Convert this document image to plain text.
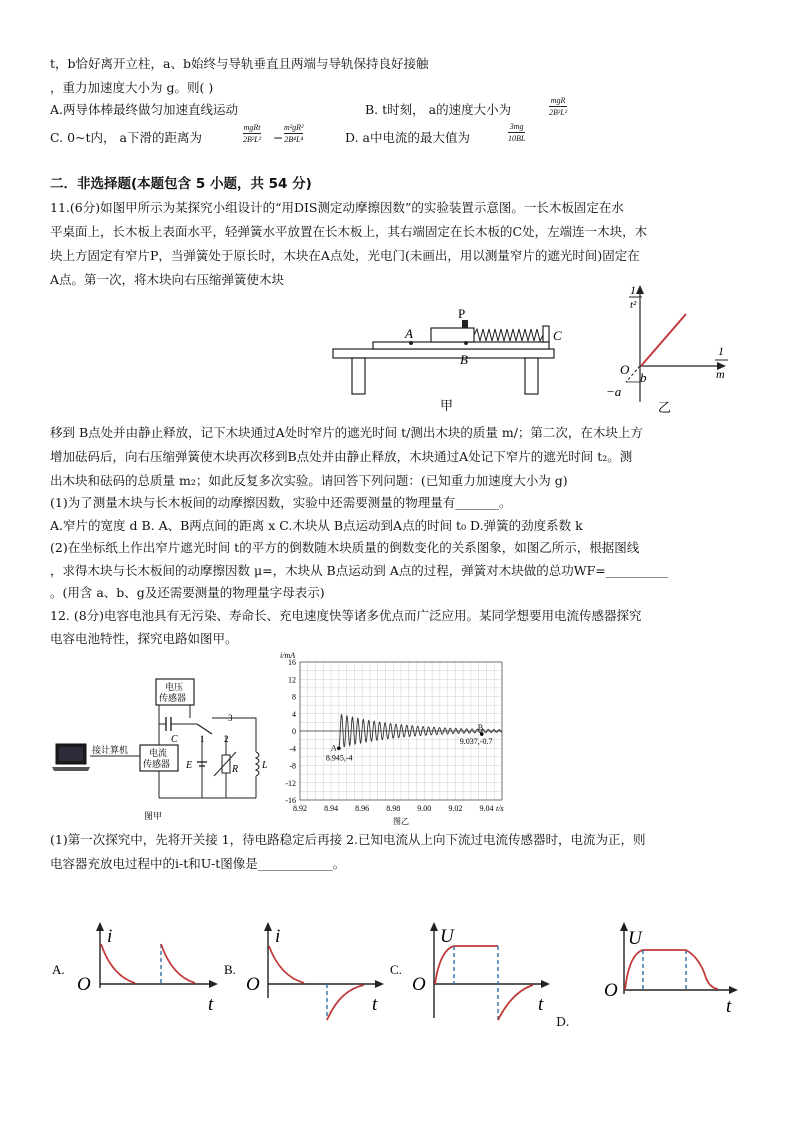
t，b恰好离开立柱，a、b始终与导轨垂直且两端与导轨保持良好接触
，重力加速度大小为 g。则( )
A.两导体棒最终做匀加速直线运动	B. t时刻， a的速度大小为
mgR
2B²L²
C. 0~t内， a下滑的距离为
mgRt
2B²L² −
m²gR²
2B⁴L⁴	D. a中电流的最大值为
3mg
10BL
二．非选择题(本题包含 5 小题，共 54 分)
11.(6分)如图甲所示为某探究小组设计的“用DIS测定动摩擦因数”的实验装置示意图。一长木板固定在水
平桌面上，长木板上表面水平，轻弹簧水平放置在长木板上，其右端固定在长木板的C处，左端连一木块，木
块上方固定有窄片P，当弹簧处于原长时，木块在A点处，光电门(未画出，用以测量窄片的遮光时间)固定在
A点。第一次，将木块向右压缩弹簧使木块
A
B
P
C
甲
1
t²
1
m
O
b
−a
乙
移到 B点处并由静止释放，记下木块通过A处时窄片的遮光时间 t/测出木块的质量 m/；第二次，在木块上方
增加砝码后，向右压缩弹簧使木块再次移到B点处并由静止释放，木块通过A处记下窄片的遮光时间 t₂。测
出木块和砝码的总质量 m₂；如此反复多次实验。请回答下列问题：(已知重力加速度大小为 g)
(1)为了测量木块与长木板间的动摩擦因数，实验中还需要测量的物理量有_______。
A.窄片的宽度 d B. A、B两点间的距离 x C.木块从 B点运动到A点的时间 t₀ D.弹簧的劲度系数 k
(2)在坐标纸上作出窄片遮光时间 t的平方的倒数随木块质量的倒数变化的关系图象，如图乙所示，根据图线
，求得木块与长木板间的动摩擦因数 μ=，木块从 B点运动到 A点的过程，弹簧对木块做的总功WF=__________
。(用含 a、b、g及还需要测量的物理量字母表示)
12. (8分)电容电池具有无污染、寿命长、充电速度快等诸多优点而广泛应用。某同学想要用电流传感器探究
电容电池特性，探究电路如图甲。
接计算机
电压
传感器
电流
传感器
C
E	R L
1 2
3
图甲
16
12
8
4
0
-4
-8
-12
-16
8.92 8.94 8.96 8.98 9.00 9.02 9.04
i/mA
t/s
图乙
A
8.945,-4
B
9.037,-0.7
(1)第一次探究中，先将开关接 1，待电路稳定后再接 2.已知电流从上向下流过电流传感器时，电流为正，则
电容器充放电过程中的i-t和U-t图像是____________。
A.
i
O
t
B.
i
O
t
C.
U
O
t
D.
U
O
t
